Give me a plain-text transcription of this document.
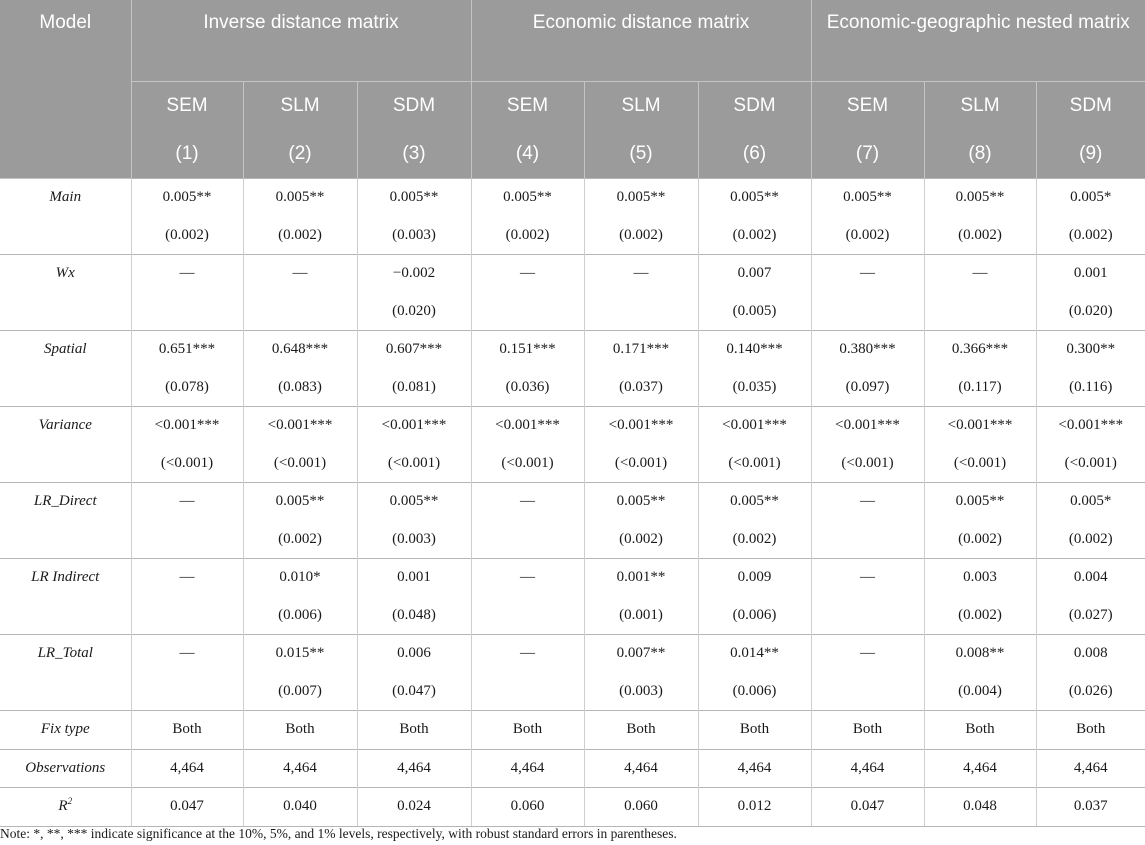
Model	Inverse distance matrix			Economic distance matrix			Economic-geographic nested matrix		
	SEM	SLM	SDM	SEM	SLM	SDM	SEM	SLM	SDM
	(1)	(2)	(3)	(4)	(5)	(6)	(7)	(8)	(9)
Main	0.005**	0.005**	0.005**	0.005**	0.005**	0.005**	0.005**	0.005**	0.005*
	(0.002)	(0.002)	(0.003)	(0.002)	(0.002)	(0.002)	(0.002)	(0.002)	(0.002)
Wx	—	—	−0.002	—	—	0.007	—	—	0.001
			(0.020)			(0.005)			(0.020)
Spatial	0.651***	0.648***	0.607***	0.151***	0.171***	0.140***	0.380***	0.366***	0.300**
	(0.078)	(0.083)	(0.081)	(0.036)	(0.037)	(0.035)	(0.097)	(0.117)	(0.116)
Variance	<0.001***	<0.001***	<0.001***	<0.001***	<0.001***	<0.001***	<0.001***	<0.001***	<0.001***
	(<0.001)	(<0.001)	(<0.001)	(<0.001)	(<0.001)	(<0.001)	(<0.001)	(<0.001)	(<0.001)
LR_Direct	—	0.005**	0.005**	—	0.005**	0.005**	—	0.005**	0.005*
		(0.002)	(0.003)		(0.002)	(0.002)		(0.002)	(0.002)
LR Indirect	—	0.010*	0.001	—	0.001**	0.009	—	0.003	0.004
		(0.006)	(0.048)		(0.001)	(0.006)		(0.002)	(0.027)
LR_Total	—	0.015**	0.006	—	0.007**	0.014**	—	0.008**	0.008
		(0.007)	(0.047)		(0.003)	(0.006)		(0.004)	(0.026)
Fix type	Both	Both	Both	Both	Both	Both	Both	Both	Both
Observations	4,464	4,464	4,464	4,464	4,464	4,464	4,464	4,464	4,464
$R^2$	0.047	0.040	0.024	0.060	0.060	0.012	0.047	0.048	0.037
Note: *, **, *** indicate significance at the 10%, 5%, and 1% levels, respectively, with robust standard errors in parentheses.
